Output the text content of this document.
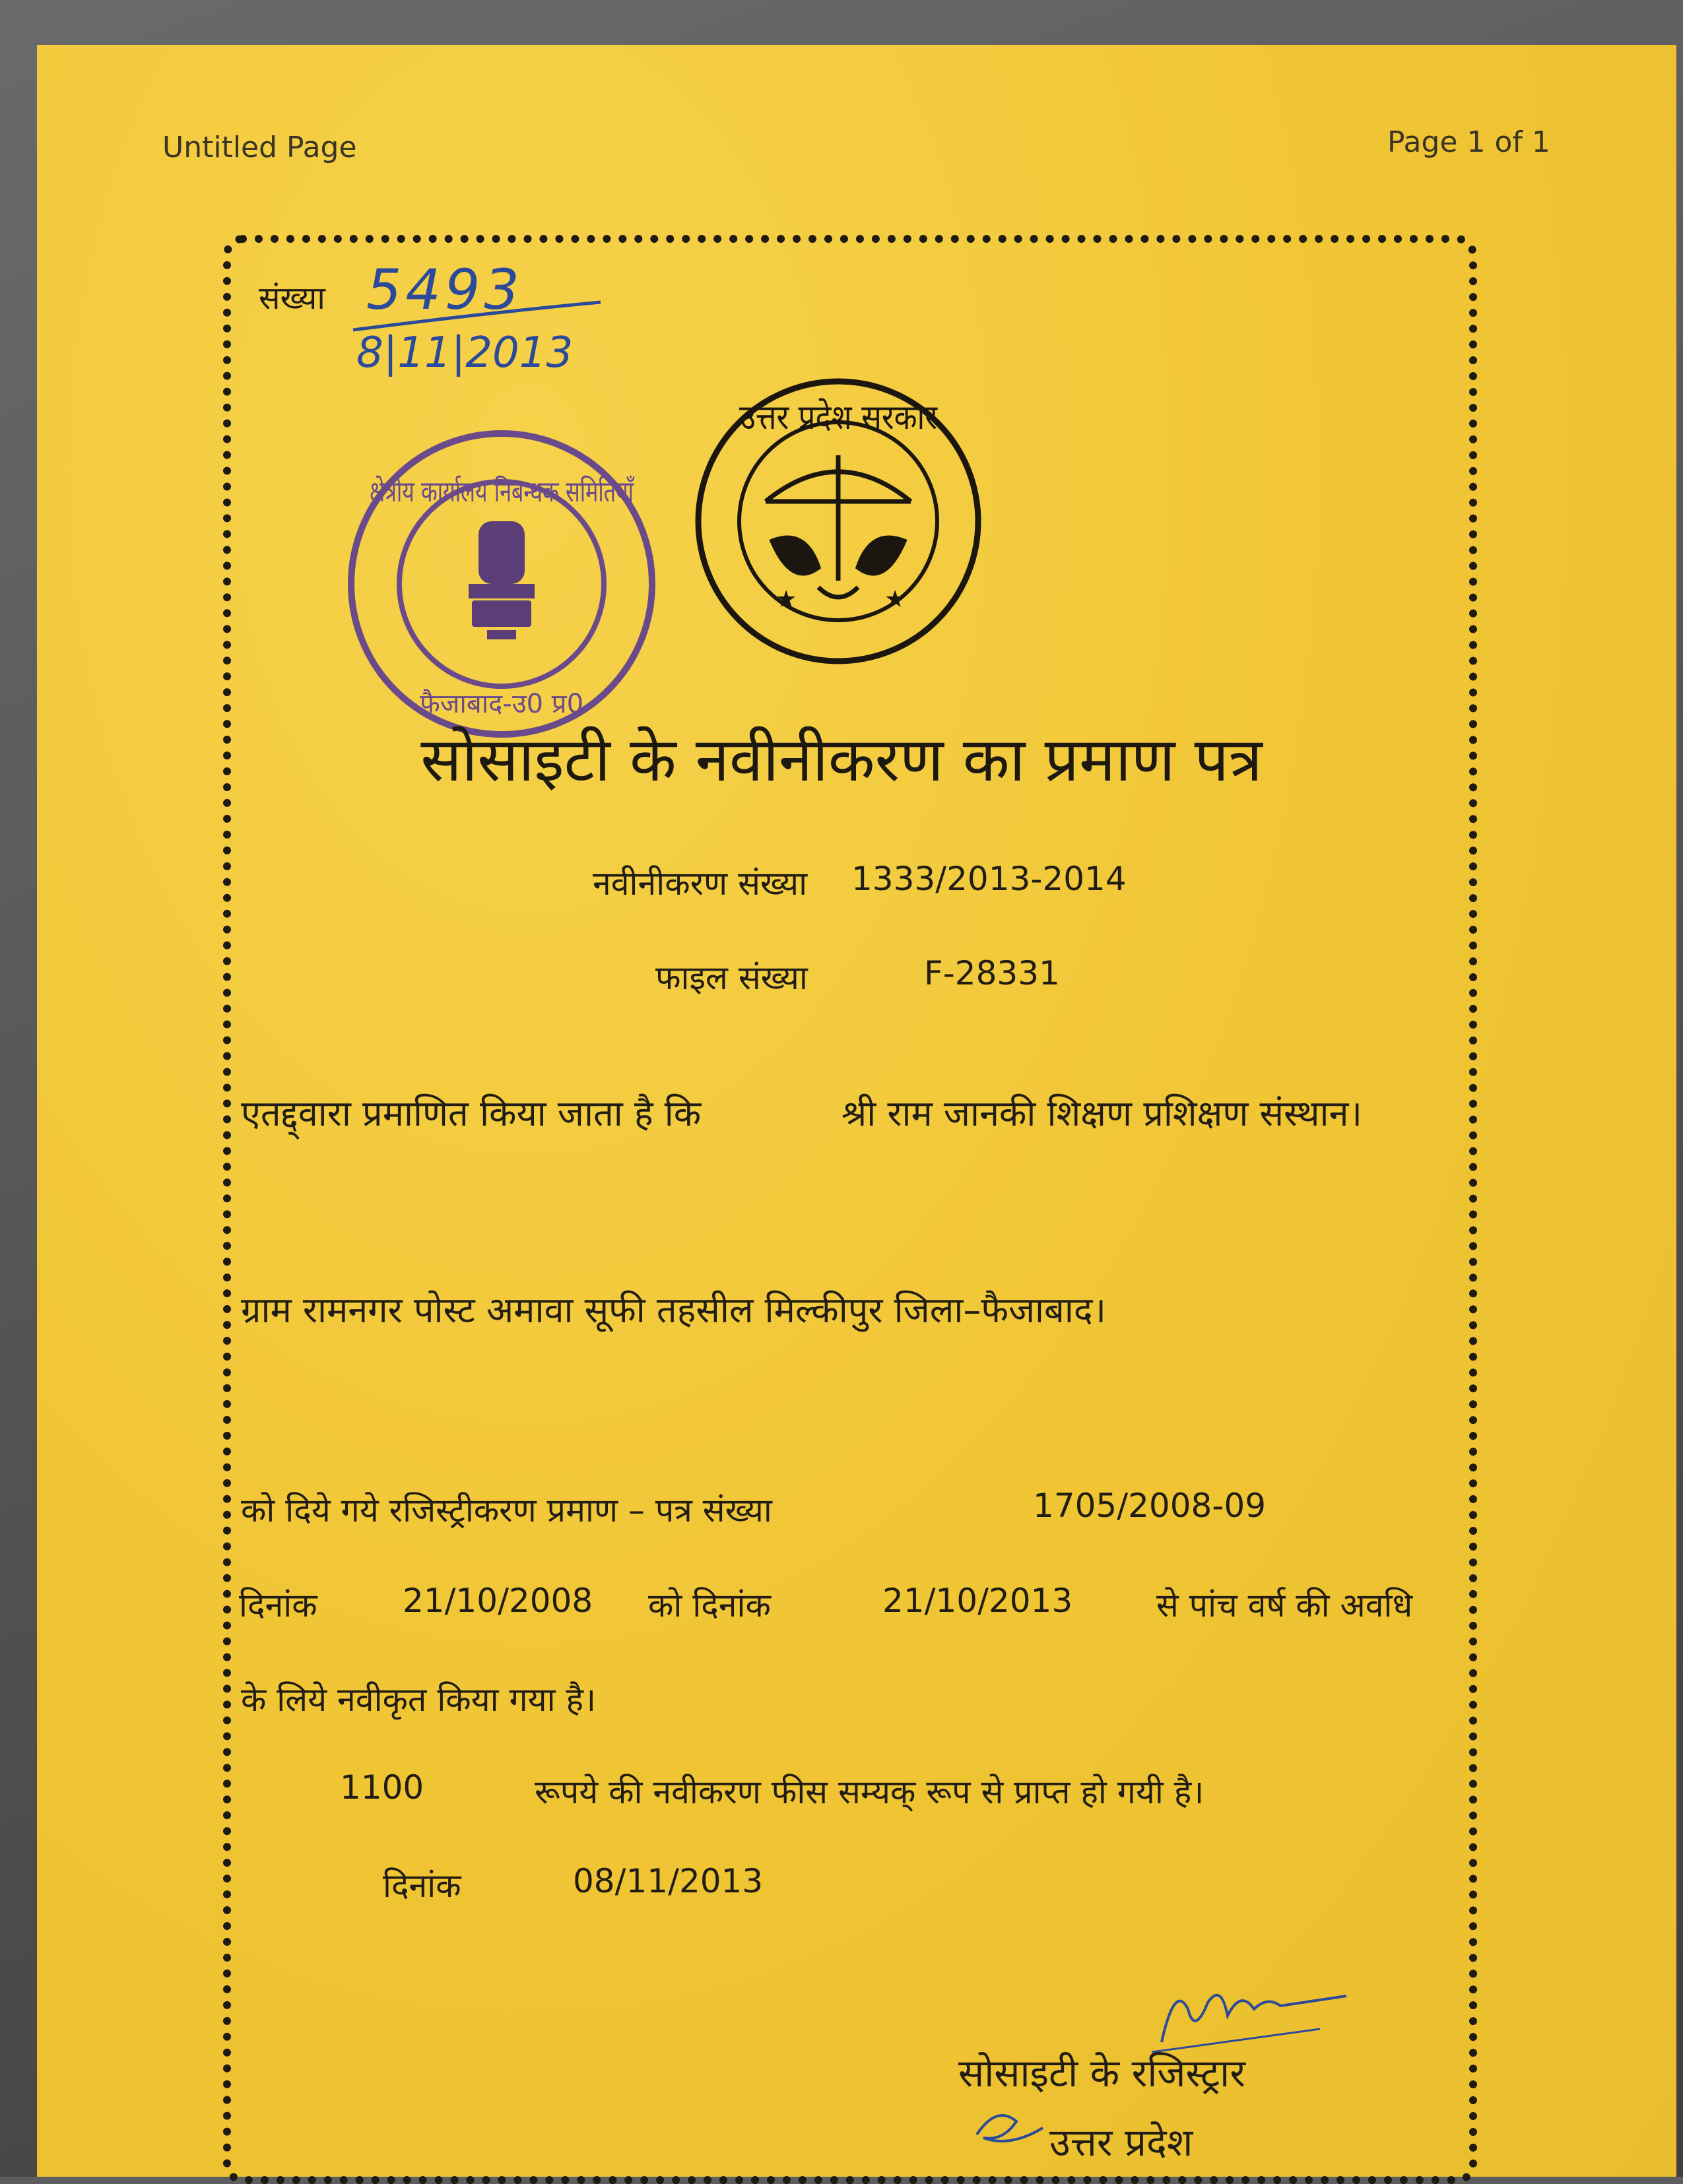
Untitled Page	Page 1 of 1
संख्या 5493
8|11|2013
क्षेत्रीय कार्यालय निबन्धक समितियाँ
फैजाबाद-उ0 प्र0
उत्तर प्रदेश सरकार
★	★
सोसाइटी के नवीनीकरण का प्रमाण पत्र
नवीनीकरण संख्या 1333/2013-2014
फाइल संख्या	F-28331
एतद्द्वारा प्रमाणित किया जाता है कि	श्री राम जानकी शिक्षण प्रशिक्षण संस्थान।
ग्राम रामनगर पोस्ट अमावा सूफी तहसील मिल्कीपुर जिला–फैजाबाद।
को दिये गये रजिस्ट्रीकरण प्रमाण – पत्र संख्या	1705/2008-09
दिनांक	21/10/2008 को दिनांक	21/10/2013	से पांच वर्ष की अवधि
के लिये नवीकृत किया गया है।
1100	रूपये की नवीकरण फीस सम्यक् रूप से प्राप्त हो गयी है।
दिनांक	08/11/2013
सोसाइटी के रजिस्ट्रार
उत्तर प्रदेश
